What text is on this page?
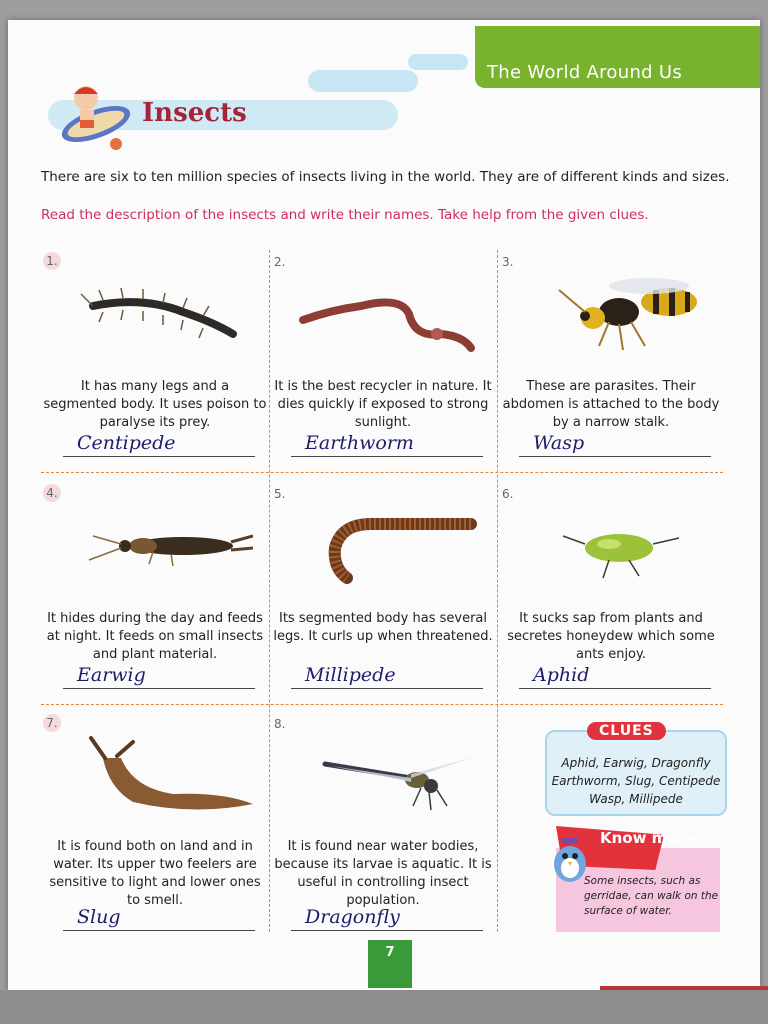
The World Around Us
Insects
There are six to ten million species of insects living in the world. They are of different kinds and sizes.
Read the description of the insects and write their names. Take help from the given clues.
1.
It has many legs and a segmented body. It uses poison to paralyse its prey.
Centipede
2.
It is the best recycler in nature. It dies quickly if exposed to strong sunlight.
Earthworm
3.
These are parasites. Their abdomen is attached to the body by a narrow stalk.
Wasp
4.
It hides during the day and feeds at night. It feeds on small insects and plant material.
Earwig
5.
Its segmented body has several legs. It curls up when threatened.
Millipede
6.
It sucks sap from plants and secretes honeydew which some ants enjoy.
Aphid
7.
It is found both on land and in water. Its upper two feelers are sensitive to light and lower ones to smell.
Slug
8.
It is found near water bodies, because its larvae is aquatic. It is useful in controlling insect population.
Dragonfly
CLUES
Aphid, Earwig, Dragonfly Earthworm, Slug, Centipede Wasp, Millipede
Know more
Some insects, such as gerridae, can walk on the surface of water.
7
